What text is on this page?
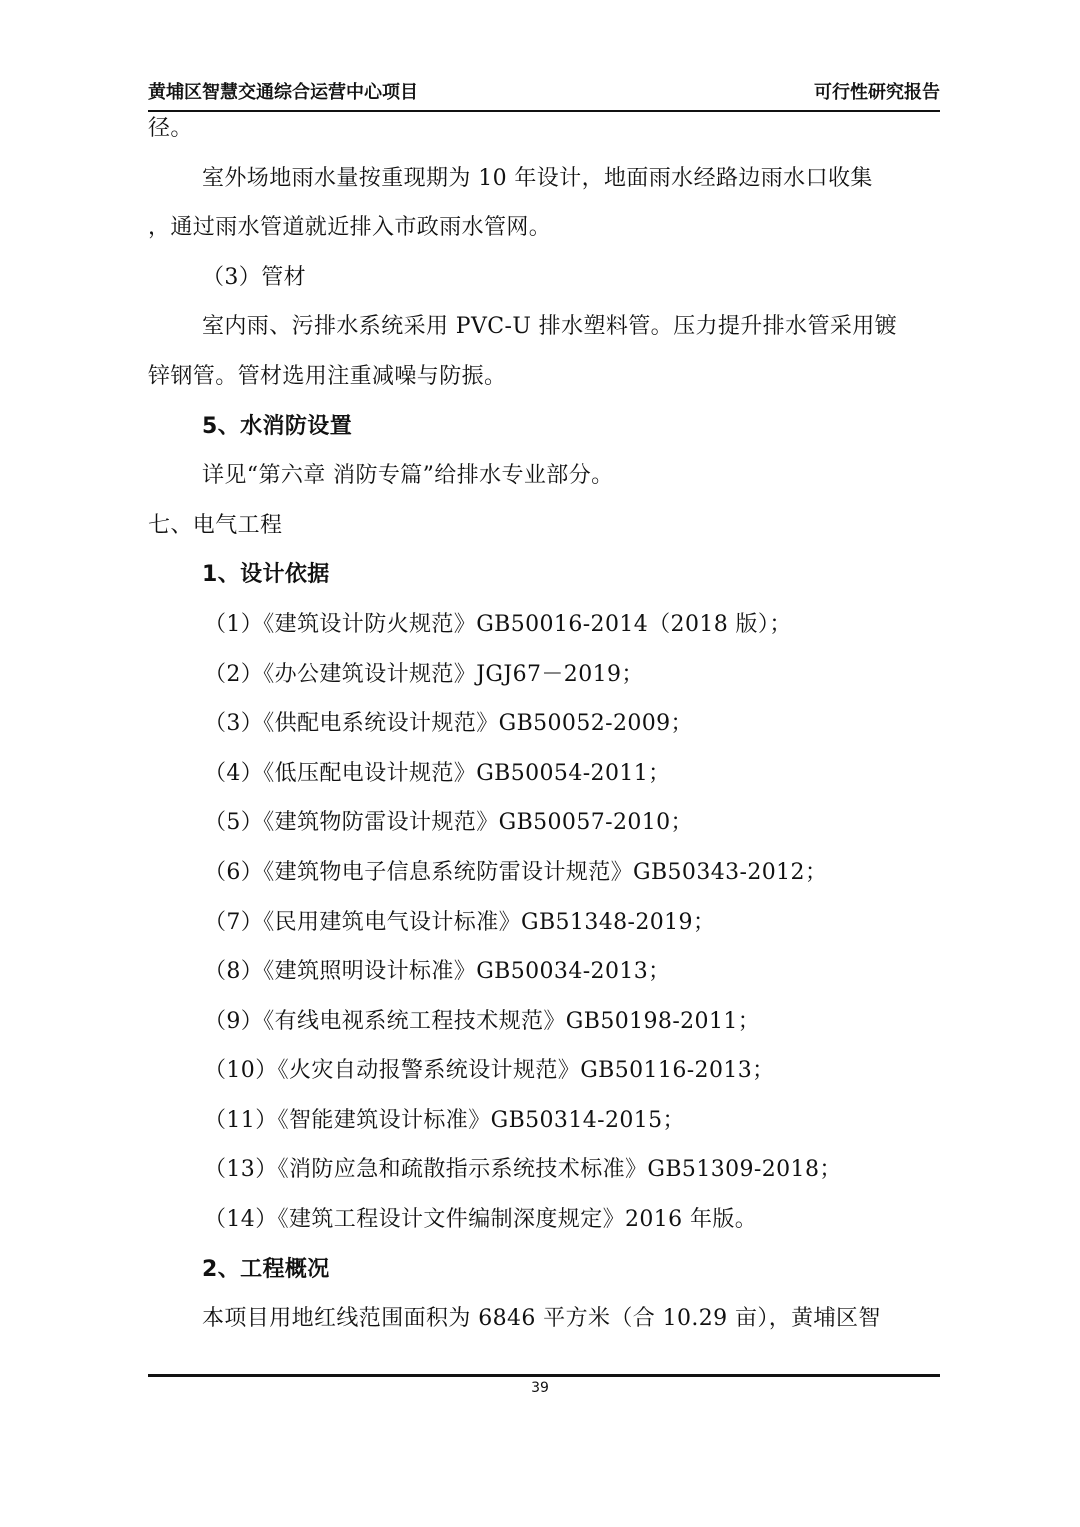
黄埔区智慧交通综合运营中心项目	可行性研究报告
径。
室外场地雨水量按重现期为 10 年设计，地面雨水经路边雨水口收集
，通过雨水管道就近排入市政雨水管网。
（3）管材
室内雨、污排水系统采用 PVC-U 排水塑料管。压力提升排水管采用镀
锌钢管。管材选用注重减噪与防振。
5、水消防设置
详见“第六章 消防专篇”给排水专业部分。
七、电气工程
1、设计依据
（1）《建筑设计防火规范》GB50016-2014（2018 版）；
（2）《办公建筑设计规范》JGJ67－2019；
（3）《供配电系统设计规范》GB50052-2009；
（4）《低压配电设计规范》GB50054-2011；
（5）《建筑物防雷设计规范》GB50057-2010；
（6）《建筑物电子信息系统防雷设计规范》GB50343-2012；
（7）《民用建筑电气设计标准》GB51348-2019；
（8）《建筑照明设计标准》GB50034-2013；
（9）《有线电视系统工程技术规范》GB50198-2011；
（10）《火灾自动报警系统设计规范》GB50116-2013；
（11）《智能建筑设计标准》GB50314-2015；
（13）《消防应急和疏散指示系统技术标准》GB51309-2018；
（14）《建筑工程设计文件编制深度规定》2016 年版。
2、工程概况
本项目用地红线范围面积为 6846 平方米（合 10.29 亩），黄埔区智
39
